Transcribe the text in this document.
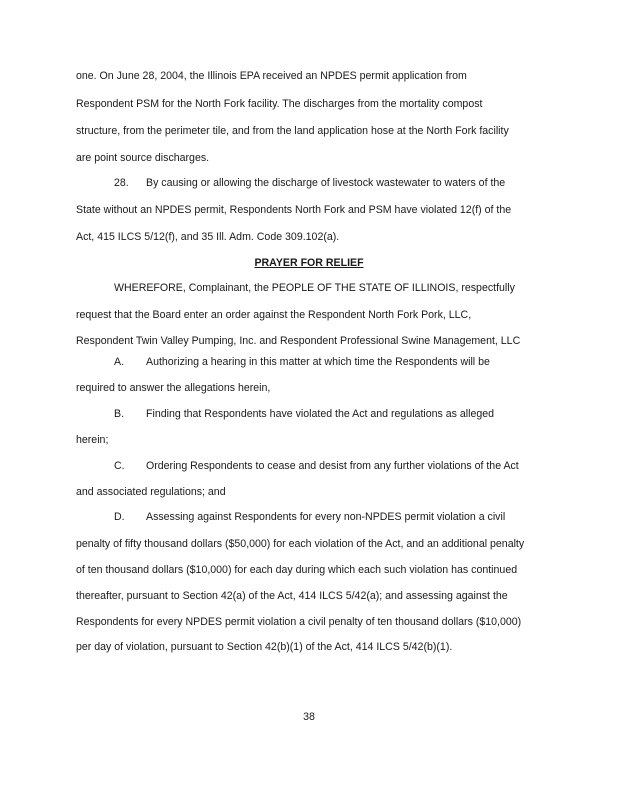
one. On June 28, 2004, the Illinois EPA received an NPDES permit application from
Respondent PSM for the North Fork facility. The discharges from the mortality compost
structure, from the perimeter tile, and from the land application hose at the North Fork facility
are point source discharges.
28. By causing or allowing the discharge of livestock wastewater to waters of the
State without an NPDES permit, Respondents North Fork and PSM have violated 12(f) of the
Act, 415 ILCS 5/12(f), and 35 Ill. Adm. Code 309.102(a).
PRAYER FOR RELIEF
WHEREFORE, Complainant, the PEOPLE OF THE STATE OF ILLINOIS, respectfully
request that the Board enter an order against the Respondent North Fork Pork, LLC,
Respondent Twin Valley Pumping, Inc. and Respondent Professional Swine Management, LLC
A. Authorizing a hearing in this matter at which time the Respondents will be
required to answer the allegations herein,
B. Finding that Respondents have violated the Act and regulations as alleged
herein;
C. Ordering Respondents to cease and desist from any further violations of the Act
and associated regulations; and
D. Assessing against Respondents for every non-NPDES permit violation a civil
penalty of fifty thousand dollars ($50,000) for each violation of the Act, and an additional penalty
of ten thousand dollars ($10,000) for each day during which each such violation has continued
thereafter, pursuant to Section 42(a) of the Act, 414 ILCS 5/42(a); and assessing against the
Respondents for every NPDES permit violation a civil penalty of ten thousand dollars ($10,000)
per day of violation, pursuant to Section 42(b)(1) of the Act, 414 ILCS 5/42(b)(1).
38
